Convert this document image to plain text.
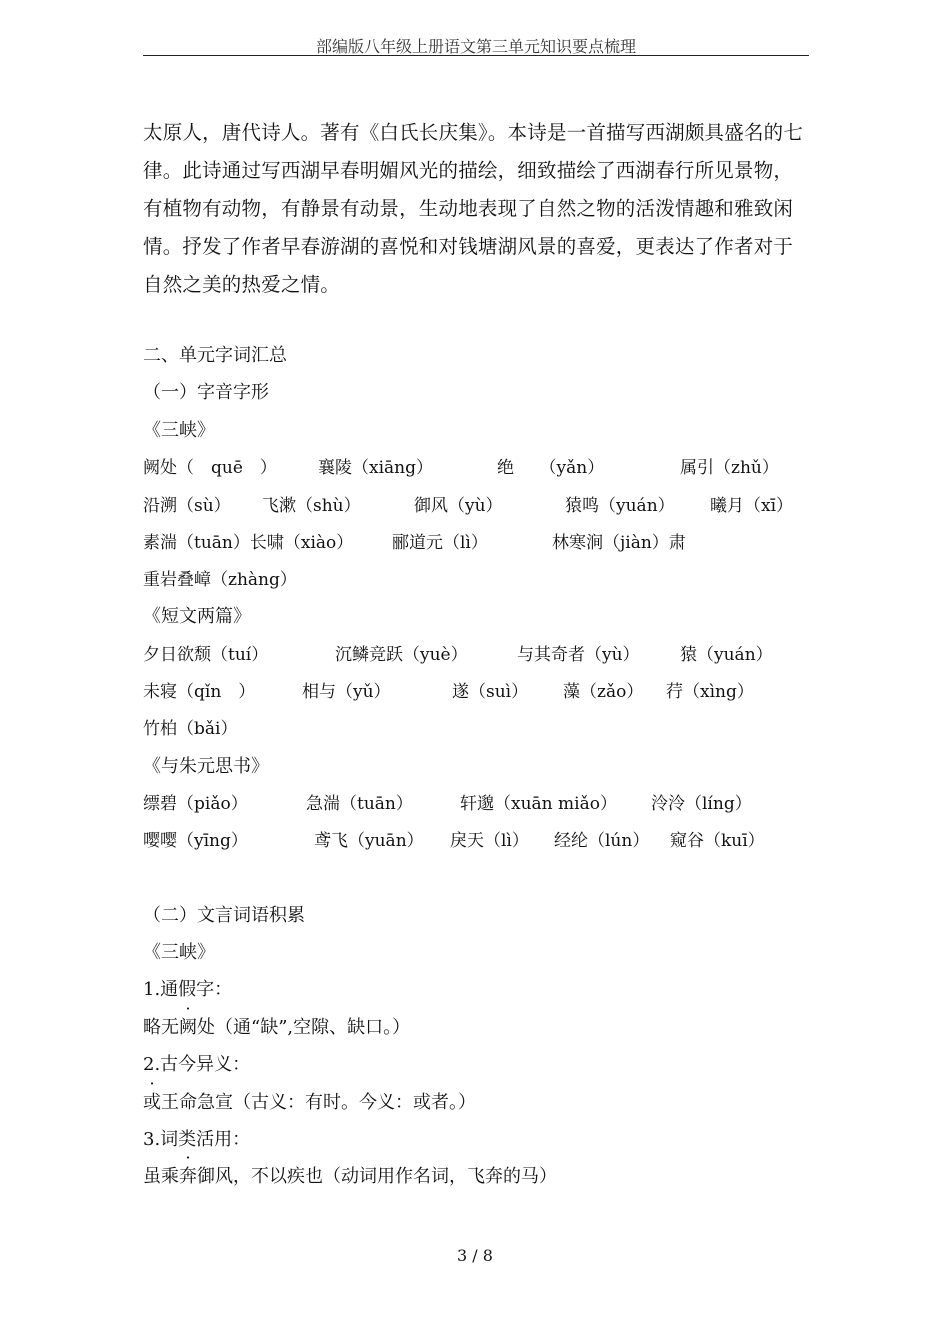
部编版八年级上册语文第三单元知识要点梳理
太原人，唐代诗人。著有《白氏长庆集》。本诗是一首描写西湖颇具盛名的七律。此诗通过写西湖早春明媚风光的描绘，细致描绘了西湖春行所见景物，有植物有动物，有静景有动景，生动地表现了自然之物的活泼情趣和雅致闲情。抒发了作者早春游湖的喜悦和对钱塘湖风景的喜爱，更表达了作者对于自然之美的热爱之情。
二、单元字词汇总
（一）字音字形
《三峡》
阙处（　quē　） 襄陵（xiāng）	绝　　（yǎn）	属引（zhǔ）
沿溯（sù） 飞漱（shù）	御风（yù）	猿鸣（yuán） 曦月（xī）
素湍（tuān）长啸（xiào） 郦道元（lì）	林寒涧（jiàn）肃
重岩叠嶂（zhàng）
《短文两篇》
夕日欲颓（tuí）	沉鳞竞跃（yuè）	与其奇者（yù） 猿（yuán）
未寝（qǐn　）	相与（yǔ）	遂（suì） 藻（zǎo） 荇（xìng）
竹柏（bǎi）
《与朱元思书》
缥碧（piǎo）	急湍（tuān）	轩邈（xuān miǎo） 泠泠（líng）
嘤嘤（yīng）	鸢飞（yuān） 戾天（lì） 经纶（lún） 窥谷（kuī）
（二）文言词语积累
《三峡》
1.通假字：
略无阙处（通“缺”,空隙、缺口。）
2.古今异义：
或王命急宣（古义：有时。今义：或者。）
3.词类活用：
虽乘奔御风，不以疾也（动词用作名词，飞奔的马）
3 / 8
